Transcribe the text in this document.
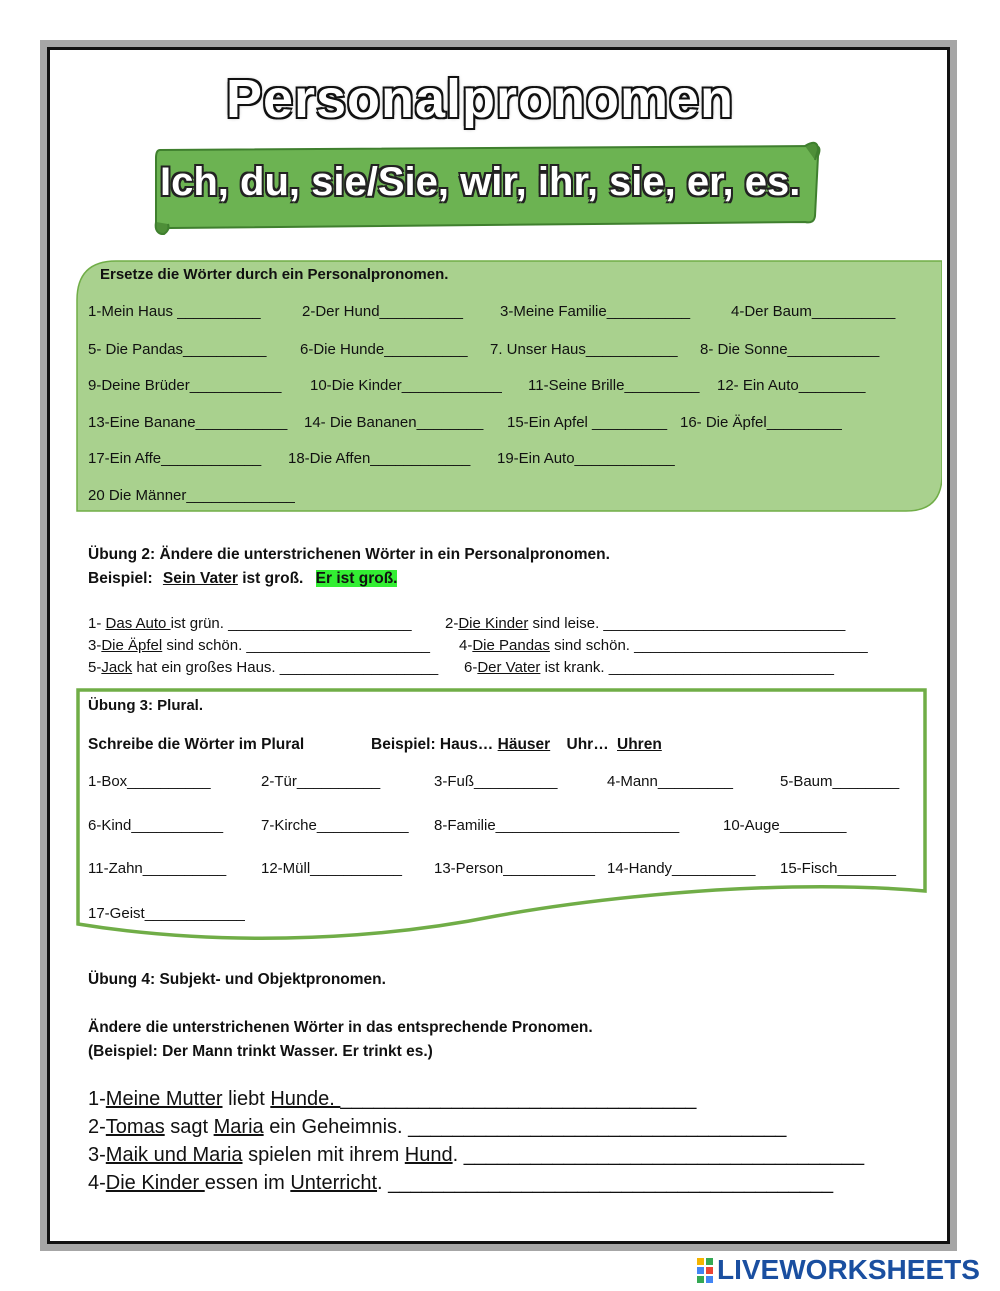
Personalpronomen
Ich, du, sie/Sie, wir, ihr, sie, er, es.
Ersetze die Wörter durch ein Personalpronomen.
1-Mein Haus __________	2-Der Hund__________ 3-Meine Familie__________	4-Der Baum__________
5- Die Pandas__________ 6-Die Hunde__________ 7. Unser Haus___________ 8- Die Sonne___________
9-Deine Brüder___________ 10-Die Kinder____________ 11-Seine Brille_________ 12- Ein Auto________
13-Eine Banane___________ 14- Die Bananen________ 15-Ein Apfel _________ 16- Die Äpfel_________
17-Ein Affe____________ 18-Die Affen____________ 19-Ein Auto____________
20 Die Männer_____________
Übung 2: Ändere die unterstrichenen Wörter in ein Personalpronomen.
Beispiel: Sein Vater ist groß. Er ist groß.
1- Das Auto ist grün. ______________________ 2-Die Kinder sind leise. _____________________________
3-Die Äpfel sind schön. ______________________ 4-Die Pandas sind schön. ____________________________
5-Jack hat ein großes Haus. ___________________ 6-Der Vater ist krank. ___________________________
Übung 3: Plural.
Schreibe die Wörter im Plural	Beispiel: Haus… Häuser Uhr… Uhren
1-Box__________	2-Tür__________	3-Fuß__________	4-Mann_________	5-Baum________
6-Kind___________	7-Kirche___________ 8-Familie______________________	10-Auge________
11-Zahn__________ 12-Müll___________ 13-Person___________ 14-Handy__________ 15-Fisch_______
17-Geist____________
Übung 4: Subjekt- und Objektpronomen.
Ändere die unterstrichenen Wörter in das entsprechende Pronomen.
(Beispiel: Der Mann trinkt Wasser. Er trinkt es.)
1-Meine Mutter liebt Hunde. ________________________________
2-Tomas sagt Maria ein Geheimnis. __________________________________
3-Maik und Maria spielen mit ihrem Hund. ____________________________________
4-Die Kinder essen im Unterricht. ________________________________________
LIVEWORKSHEETS
